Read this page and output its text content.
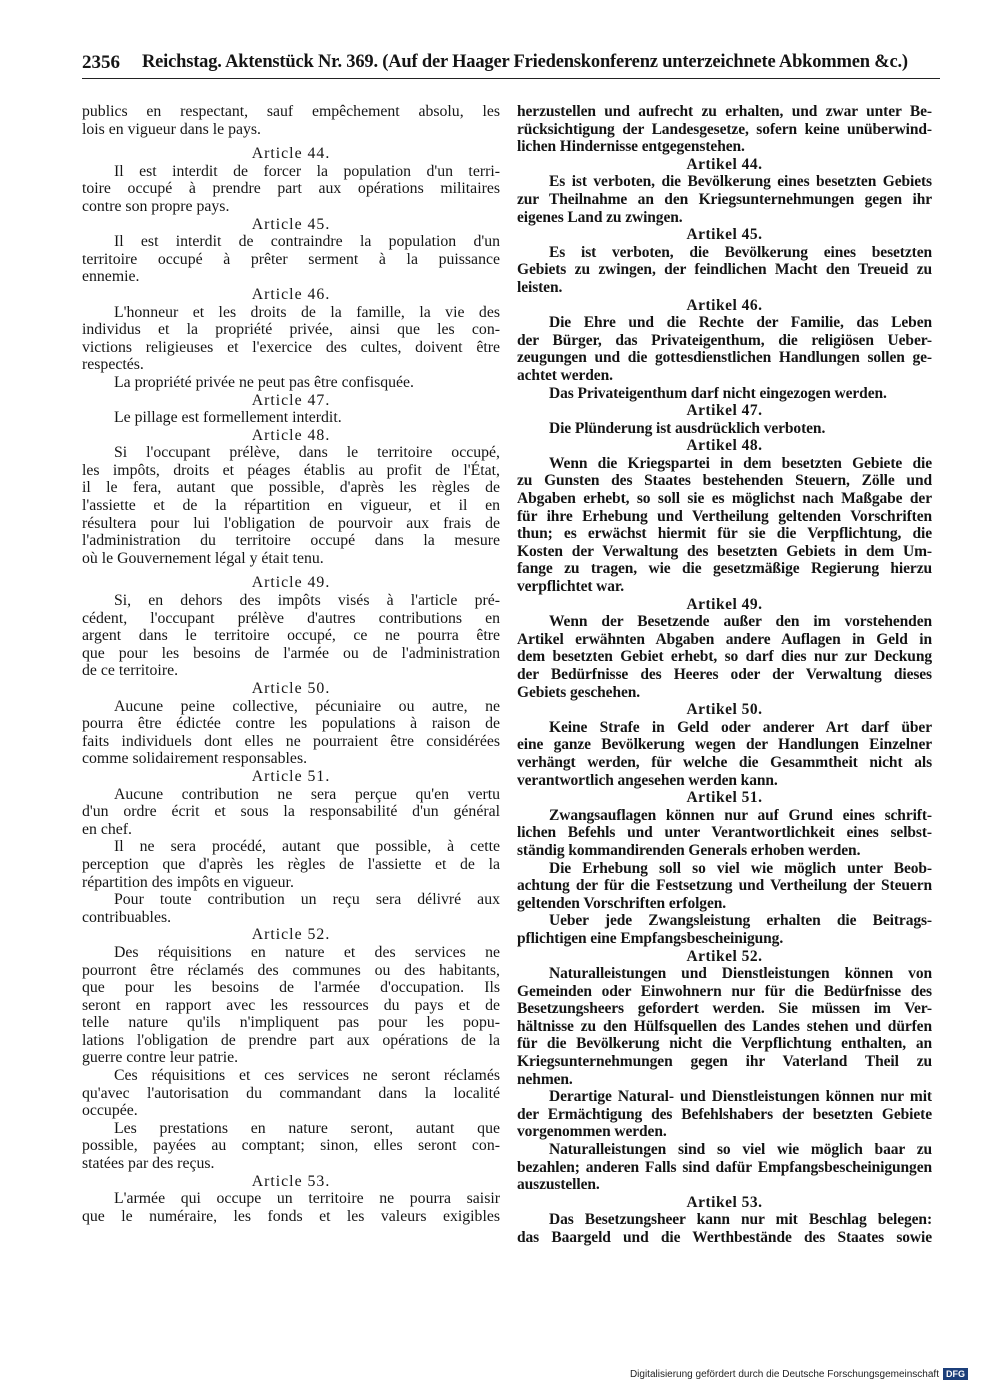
2356 Reichstag. Aktenstück Nr. 369. (Auf der Haager Friedenskonferenz unterzeichnete Abkommen &c.)
publics en respectant, sauf empêchement absolu, les
lois en vigueur dans le pays.
Article 44.
Il est interdit de forcer la population d'un terri-
toire occupé à prendre part aux opérations militaires
contre son propre pays.
Article 45.
Il est interdit de contraindre la population d'un
territoire occupé à prêter serment à la puissance
ennemie.
Article 46.
L'honneur et les droits de la famille, la vie des
individus et la propriété privée, ainsi que les con-
victions religieuses et l'exercice des cultes, doivent être
respectés.
La propriété privée ne peut pas être confisquée.
Article 47.
Le pillage est formellement interdit.
Article 48.
Si l'occupant prélève, dans le territoire occupé,
les impôts, droits et péages établis au profit de l'État,
il le fera, autant que possible, d'après les règles de
l'assiette et de la répartition en vigueur, et il en
résultera pour lui l'obligation de pourvoir aux frais de
l'administration du territoire occupé dans la mesure
où le Gouvernement légal y était tenu.
Article 49.
Si, en dehors des impôts visés à l'article pré-
cédent, l'occupant prélève d'autres contributions en
argent dans le territoire occupé, ce ne pourra être
que pour les besoins de l'armée ou de l'administration
de ce territoire.
Article 50.
Aucune peine collective, pécuniaire ou autre, ne
pourra être édictée contre les populations à raison de
faits individuels dont elles ne pourraient être considérées
comme solidairement responsables.
Article 51.
Aucune contribution ne sera perçue qu'en vertu
d'un ordre écrit et sous la responsabilité d'un général
en chef.
Il ne sera procédé, autant que possible, à cette
perception que d'après les règles de l'assiette et de la
répartition des impôts en vigueur.
Pour toute contribution un reçu sera délivré aux
contribuables.
Article 52.
Des réquisitions en nature et des services ne
pourront être réclamés des communes ou des habitants,
que pour les besoins de l'armée d'occupation. Ils
seront en rapport avec les ressources du pays et de
telle nature qu'ils n'impliquent pas pour les popu-
lations l'obligation de prendre part aux opérations de la
guerre contre leur patrie.
Ces réquisitions et ces services ne seront réclamés
qu'avec l'autorisation du commandant dans la localité
occupée.
Les prestations en nature seront, autant que
possible, payées au comptant; sinon, elles seront con-
statées par des reçus.
Article 53.
L'armée qui occupe un territoire ne pourra saisir
que le numéraire, les fonds et les valeurs exigibles
herzustellen und aufrecht zu erhalten, und zwar unter Be-
rücksichtigung der Landesgesetze, sofern keine unüberwind-
lichen Hindernisse entgegenstehen.
Artikel 44.
Es ist verboten, die Bevölkerung eines besetzten Gebiets
zur Theilnahme an den Kriegsunternehmungen gegen ihr
eigenes Land zu zwingen.
Artikel 45.
Es ist verboten, die Bevölkerung eines besetzten
Gebiets zu zwingen, der feindlichen Macht den Treueid zu
leisten.
Artikel 46.
Die Ehre und die Rechte der Familie, das Leben
der Bürger, das Privateigenthum, die religiösen Ueber-
zeugungen und die gottesdienstlichen Handlungen sollen ge-
achtet werden.
Das Privateigenthum darf nicht eingezogen werden.
Artikel 47.
Die Plünderung ist ausdrücklich verboten.
Artikel 48.
Wenn die Kriegspartei in dem besetzten Gebiete die
zu Gunsten des Staates bestehenden Steuern, Zölle und
Abgaben erhebt, so soll sie es möglichst nach Maßgabe der
für ihre Erhebung und Vertheilung geltenden Vorschriften
thun; es erwächst hiermit für sie die Verpflichtung, die
Kosten der Verwaltung des besetzten Gebiets in dem Um-
fange zu tragen, wie die gesetzmäßige Regierung hierzu
verpflichtet war.
Artikel 49.
Wenn der Besetzende außer den im vorstehenden
Artikel erwähnten Abgaben andere Auflagen in Geld in
dem besetzten Gebiet erhebt, so darf dies nur zur Deckung
der Bedürfnisse des Heeres oder der Verwaltung dieses
Gebiets geschehen.
Artikel 50.
Keine Strafe in Geld oder anderer Art darf über
eine ganze Bevölkerung wegen der Handlungen Einzelner
verhängt werden, für welche die Gesammtheit nicht als
verantwortlich angesehen werden kann.
Artikel 51.
Zwangsauflagen können nur auf Grund eines schrift-
lichen Befehls und unter Verantwortlichkeit eines selbst-
ständig kommandirenden Generals erhoben werden.
Die Erhebung soll so viel wie möglich unter Beob-
achtung der für die Festsetzung und Vertheilung der Steuern
geltenden Vorschriften erfolgen.
Ueber jede Zwangsleistung erhalten die Beitrags-
pflichtigen eine Empfangsbescheinigung.
Artikel 52.
Naturalleistungen und Dienstleistungen können von
Gemeinden oder Einwohnern nur für die Bedürfnisse des
Besetzungsheers gefordert werden. Sie müssen im Ver-
hältnisse zu den Hülfsquellen des Landes stehen und dürfen
für die Bevölkerung nicht die Verpflichtung enthalten, an
Kriegsunternehmungen gegen ihr Vaterland Theil zu
nehmen.
Derartige Natural- und Dienstleistungen können nur mit
der Ermächtigung des Befehlshabers der besetzten Gebiete
vorgenommen werden.
Naturalleistungen sind so viel wie möglich baar zu
bezahlen; anderen Falls sind dafür Empfangsbescheinigungen
auszustellen.
Artikel 53.
Das Besetzungsheer kann nur mit Beschlag belegen:
das Baargeld und die Werthbestände des Staates sowie
Digitalisierung gefördert durch die Deutsche Forschungsgemeinschaft DFG
